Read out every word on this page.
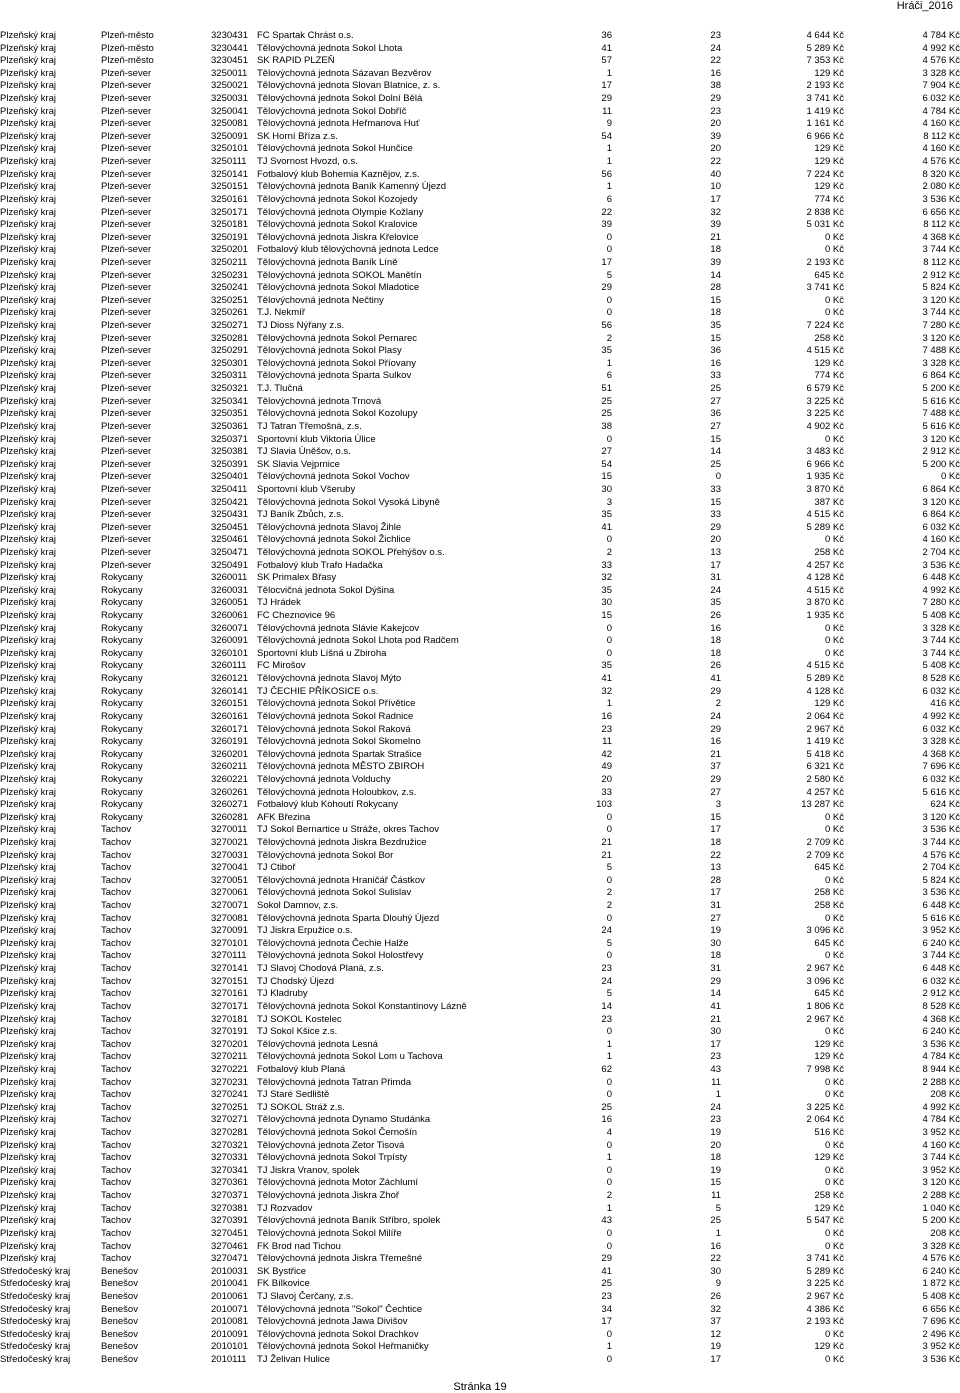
Hráči_2016
Plzeňský kraj	Plzeň-město	3230431 FC Spartak Chrást o.s.	36	23	4 644 Kč	4 784 Kč
Plzeňský kraj	Plzeň-město	3230441 Tělovýchovná jednota Sokol Lhota	41	24	5 289 Kč	4 992 Kč
Plzeňský kraj	Plzeň-město	3230451 SK RAPID PLZEŇ	57	22	7 353 Kč	4 576 Kč
Plzeňský kraj	Plzeň-sever	3250011	Tělovýchovná jednota Sázavan Bezvěrov	1	16	129 Kč	3 328 Kč
Plzeňský kraj	Plzeň-sever	3250021 Tělovýchovná jednota Slovan Blatnice, z. s.	17	38	2 193 Kč	7 904 Kč
Plzeňský kraj	Plzeň-sever	3250031 Tělovýchovná jednota Sokol Dolní Bělá	29	29	3 741 Kč	6 032 Kč
Plzeňský kraj	Plzeň-sever	3250041 Tělovýchovná jednota Sokol Dobříč	11	23	1 419 Kč	4 784 Kč
Plzeňský kraj	Plzeň-sever	3250081 Tělovýchovná jednota Heřmanova Huť	9	20	1 161 Kč	4 160 Kč
Plzeňský kraj	Plzeň-sever	3250091 SK Horní Bříza z.s.	54	39	6 966 Kč	8 112 Kč
Plzeňský kraj	Plzeň-sever	3250101 Tělovýchovná jednota Sokol Hunčice	1	20	129 Kč	4 160 Kč
Plzeňský kraj	Plzeň-sever	3250111	TJ Svornost Hvozd, o.s.	1	22	129 Kč	4 576 Kč
Plzeňský kraj	Plzeň-sever	3250141 Fotbalový klub Bohemia Kaznějov, z.s.	56	40	7 224 Kč	8 320 Kč
Plzeňský kraj	Plzeň-sever	3250151 Tělovýchovná jednota Baník Kamenný Újezd	1	10	129 Kč	2 080 Kč
Plzeňský kraj	Plzeň-sever	3250161 Tělovýchovná jednota Sokol Kozojedy	6	17	774 Kč	3 536 Kč
Plzeňský kraj	Plzeň-sever	3250171 Tělovýchovná jednota Olympie Kožlany	22	32	2 838 Kč	6 656 Kč
Plzeňský kraj	Plzeň-sever	3250181 Tělovýchovná jednota Sokol Kralovice	39	39	5 031 Kč	8 112 Kč
Plzeňský kraj	Plzeň-sever	3250191 Tělovýchovná jednota Jiskra Křelovice	0	21	0 Kč	4 368 Kč
Plzeňský kraj	Plzeň-sever	3250201 Fotbalový klub tělovýchovná jednota Ledce	0	18	0 Kč	3 744 Kč
Plzeňský kraj	Plzeň-sever	3250211	Tělovýchovná jednota Baník Líně	17	39	2 193 Kč	8 112 Kč
Plzeňský kraj	Plzeň-sever	3250231 Tělovýchovná jednota SOKOL Manětín	5	14	645 Kč	2 912 Kč
Plzeňský kraj	Plzeň-sever	3250241 Tělovýchovná jednota Sokol Mladotice	29	28	3 741 Kč	5 824 Kč
Plzeňský kraj	Plzeň-sever	3250251 Tělovýchovná jednota Nečtiny	0	15	0 Kč	3 120 Kč
Plzeňský kraj	Plzeň-sever	3250261 T.J. Nekmíř	0	18	0 Kč	3 744 Kč
Plzeňský kraj	Plzeň-sever	3250271 TJ Dioss Nýřany z.s.	56	35	7 224 Kč	7 280 Kč
Plzeňský kraj	Plzeň-sever	3250281 Tělovýchovná jednota Sokol Pernarec	2	15	258 Kč	3 120 Kč
Plzeňský kraj	Plzeň-sever	3250291 Tělovýchovná jednota Sokol Plasy	35	36	4 515 Kč	7 488 Kč
Plzeňský kraj	Plzeň-sever	3250301 Tělovýchovná jednota Sokol Příovany	1	16	129 Kč	3 328 Kč
Plzeňský kraj	Plzeň-sever	3250311	Tělovýchovná jednota Sparta Sulkov	6	33	774 Kč	6 864 Kč
Plzeňský kraj	Plzeň-sever	3250321 T.J. Tlučná	51	25	6 579 Kč	5 200 Kč
Plzeňský kraj	Plzeň-sever	3250341 Tělovýchovná jednota Trnová	25	27	3 225 Kč	5 616 Kč
Plzeňský kraj	Plzeň-sever	3250351 Tělovýchovná jednota Sokol Kozolupy	25	36	3 225 Kč	7 488 Kč
Plzeňský kraj	Plzeň-sever	3250361 TJ Tatran Třemošná, z.s.	38	27	4 902 Kč	5 616 Kč
Plzeňský kraj	Plzeň-sever	3250371 Sportovní klub Viktoria Úlice	0	15	0 Kč	3 120 Kč
Plzeňský kraj	Plzeň-sever	3250381 TJ Slavia Úněšov, o.s.	27	14	3 483 Kč	2 912 Kč
Plzeňský kraj	Plzeň-sever	3250391 SK Slavia Vejprnice	54	25	6 966 Kč	5 200 Kč
Plzeňský kraj	Plzeň-sever	3250401 Tělovýchovná jednota Sokol Vochov	15	0	1 935 Kč	0 Kč
Plzeňský kraj	Plzeň-sever	3250411	Sportovní klub Všeruby	30	33	3 870 Kč	6 864 Kč
Plzeňský kraj	Plzeň-sever	3250421 Tělovýchovná jednota Sokol Vysoká Libyně	3	15	387 Kč	3 120 Kč
Plzeňský kraj	Plzeň-sever	3250431 TJ Baník Zbůch, z.s.	35	33	4 515 Kč	6 864 Kč
Plzeňský kraj	Plzeň-sever	3250451 Tělovýchovná jednota Slavoj Žihle	41	29	5 289 Kč	6 032 Kč
Plzeňský kraj	Plzeň-sever	3250461 Tělovýchovná jednota Sokol Žichlice	0	20	0 Kč	4 160 Kč
Plzeňský kraj	Plzeň-sever	3250471 Tělovýchovná jednota SOKOL Přehýšov o.s.	2	13	258 Kč	2 704 Kč
Plzeňský kraj	Plzeň-sever	3250491 Fotbalový klub Trafo Hadačka	33	17	4 257 Kč	3 536 Kč
Plzeňský kraj	Rokycany	3260011	SK Primalex Břasy	32	31	4 128 Kč	6 448 Kč
Plzeňský kraj	Rokycany	3260031 Tělocvičná jednota Sokol Dýšina	35	24	4 515 Kč	4 992 Kč
Plzeňský kraj	Rokycany	3260051 TJ Hrádek	30	35	3 870 Kč	7 280 Kč
Plzeňský kraj	Rokycany	3260061 FC Cheznovice 96	15	26	1 935 Kč	5 408 Kč
Plzeňský kraj	Rokycany	3260071 Tělovýchovná jednota Slávie Kakejcov	0	16	0 Kč	3 328 Kč
Plzeňský kraj	Rokycany	3260091 Tělovýchovná jednota Sokol Lhota pod Radčem	0	18	0 Kč	3 744 Kč
Plzeňský kraj	Rokycany	3260101 Sportovní klub Líšná u Zbiroha	0	18	0 Kč	3 744 Kč
Plzeňský kraj	Rokycany	3260111	FC Mirošov	35	26	4 515 Kč	5 408 Kč
Plzeňský kraj	Rokycany	3260121 Tělovýchovná jednota Slavoj Mýto	41	41	5 289 Kč	8 528 Kč
Plzeňský kraj	Rokycany	3260141 TJ ČECHIE PŘÍKOSICE o.s.	32	29	4 128 Kč	6 032 Kč
Plzeňský kraj	Rokycany	3260151 Tělovýchovná jednota Sokol Přívětice	1	2	129 Kč	416 Kč
Plzeňský kraj	Rokycany	3260161 Tělovýchovná jednota Sokol Radnice	16	24	2 064 Kč	4 992 Kč
Plzeňský kraj	Rokycany	3260171 Tělovýchovná jednota Sokol Raková	23	29	2 967 Kč	6 032 Kč
Plzeňský kraj	Rokycany	3260191 Tělovýchovná jednota Sokol Skomelno	11	16	1 419 Kč	3 328 Kč
Plzeňský kraj	Rokycany	3260201 Tělovýchovná jednota Spartak Strašice	42	21	5 418 Kč	4 368 Kč
Plzeňský kraj	Rokycany	3260211	Tělovýchovná jednota MĚSTO ZBIROH	49	37	6 321 Kč	7 696 Kč
Plzeňský kraj	Rokycany	3260221 Tělovýchovná jednota Volduchy	20	29	2 580 Kč	6 032 Kč
Plzeňský kraj	Rokycany	3260261 Tělovýchovná jednota Holoubkov, z.s.	33	27	4 257 Kč	5 616 Kč
Plzeňský kraj	Rokycany	3260271 Fotbalový klub Kohoutí Rokycany	103	3	13 287 Kč	624 Kč
Plzeňský kraj	Rokycany	3260281 AFK Březina	0	15	0 Kč	3 120 Kč
Plzeňský kraj	Tachov	3270011	TJ Sokol Bernartice u Stráže, okres Tachov	0	17	0 Kč	3 536 Kč
Plzeňský kraj	Tachov	3270021 Tělovýchovná jednota Jiskra Bezdružice	21	18	2 709 Kč	3 744 Kč
Plzeňský kraj	Tachov	3270031 Tělovýchovná jednota Sokol Bor	21	22	2 709 Kč	4 576 Kč
Plzeňský kraj	Tachov	3270041 TJ Ctiboř	5	13	645 Kč	2 704 Kč
Plzeňský kraj	Tachov	3270051 Tělovýchovná jednota Hraničář Částkov	0	28	0 Kč	5 824 Kč
Plzeňský kraj	Tachov	3270061 Tělovýchovná jednota Sokol Sulislav	2	17	258 Kč	3 536 Kč
Plzeňský kraj	Tachov	3270071 Sokol Damnov, z.s.	2	31	258 Kč	6 448 Kč
Plzeňský kraj	Tachov	3270081 Tělovýchovná jednota Sparta Dlouhý Újezd	0	27	0 Kč	5 616 Kč
Plzeňský kraj	Tachov	3270091 TJ Jiskra Erpužice o.s.	24	19	3 096 Kč	3 952 Kč
Plzeňský kraj	Tachov	3270101 Tělovýchovná jednota Čechie Halže	5	30	645 Kč	6 240 Kč
Plzeňský kraj	Tachov	3270111	Tělovýchovná jednota Sokol Holostřevy	0	18	0 Kč	3 744 Kč
Plzeňský kraj	Tachov	3270141 TJ Slavoj Chodová Planá, z.s.	23	31	2 967 Kč	6 448 Kč
Plzeňský kraj	Tachov	3270151 TJ Chodský Újezd	24	29	3 096 Kč	6 032 Kč
Plzeňský kraj	Tachov	3270161 TJ Kladruby	5	14	645 Kč	2 912 Kč
Plzeňský kraj	Tachov	3270171 Tělovýchovná jednota Sokol Konstantinovy Lázně	14	41	1 806 Kč	8 528 Kč
Plzeňský kraj	Tachov	3270181 TJ SOKOL Kostelec	23	21	2 967 Kč	4 368 Kč
Plzeňský kraj	Tachov	3270191 TJ Sokol Kšice z.s.	0	30	0 Kč	6 240 Kč
Plzeňský kraj	Tachov	3270201 Tělovýchovná jednota Lesná	1	17	129 Kč	3 536 Kč
Plzeňský kraj	Tachov	3270211	Tělovýchovná jednota Sokol Lom u Tachova	1	23	129 Kč	4 784 Kč
Plzeňský kraj	Tachov	3270221 Fotbalový klub Planá	62	43	7 998 Kč	8 944 Kč
Plzeňský kraj	Tachov	3270231 Tělovýchovná jednota Tatran Přimda	0	11	0 Kč	2 288 Kč
Plzeňský kraj	Tachov	3270241 TJ Staré Sedliště	0	1	0 Kč	208 Kč
Plzeňský kraj	Tachov	3270251 TJ SOKOL Stráž z.s.	25	24	3 225 Kč	4 992 Kč
Plzeňský kraj	Tachov	3270271 Tělovýchovná jednota Dynamo Studánka	16	23	2 064 Kč	4 784 Kč
Plzeňský kraj	Tachov	3270281 Tělovýchovná jednota Sokol Černošín	4	19	516 Kč	3 952 Kč
Plzeňský kraj	Tachov	3270321 Tělovýchovná jednota Zetor Tisová	0	20	0 Kč	4 160 Kč
Plzeňský kraj	Tachov	3270331 Tělovýchovná jednota Sokol Trpísty	1	18	129 Kč	3 744 Kč
Plzeňský kraj	Tachov	3270341 TJ Jiskra Vranov, spolek	0	19	0 Kč	3 952 Kč
Plzeňský kraj	Tachov	3270361 Tělovýchovná jednota Motor Záchlumí	0	15	0 Kč	3 120 Kč
Plzeňský kraj	Tachov	3270371 Tělovýchovná jednota Jiskra Zhoř	2	11	258 Kč	2 288 Kč
Plzeňský kraj	Tachov	3270381 TJ Rozvadov	1	5	129 Kč	1 040 Kč
Plzeňský kraj	Tachov	3270391 Tělovýchovná jednota Baník Stříbro, spolek	43	25	5 547 Kč	5 200 Kč
Plzeňský kraj	Tachov	3270451 Tělovýchovná jednota Sokol Milíře	0	1	0 Kč	208 Kč
Plzeňský kraj	Tachov	3270461 FK Brod nad Tichou	0	16	0 Kč	3 328 Kč
Plzeňský kraj	Tachov	3270471 Tělovýchovná jednota Jiskra Třemešné	29	22	3 741 Kč	4 576 Kč
Středočeský kraj	Benešov	2010031 SK Bystřice	41	30	5 289 Kč	6 240 Kč
Středočeský kraj	Benešov	2010041 FK Bílkovice	25	9	3 225 Kč	1 872 Kč
Středočeský kraj	Benešov	2010061 TJ Slavoj Čerčany, z.s.	23	26	2 967 Kč	5 408 Kč
Středočeský kraj	Benešov	2010071 Tělovýchovná jednota "Sokol" Čechtice	34	32	4 386 Kč	6 656 Kč
Středočeský kraj	Benešov	2010081 Tělovýchovná jednota Jawa Divišov	17	37	2 193 Kč	7 696 Kč
Středočeský kraj	Benešov	2010091 Tělovýchovná jednota Sokol Drachkov	0	12	0 Kč	2 496 Kč
Středočeský kraj	Benešov	2010101 Tělovýchovná jednota Sokol Heřmaničky	1	19	129 Kč	3 952 Kč
Středočeský kraj	Benešov	2010111	TJ Želivan Hulice	0	17	0 Kč	3 536 Kč
Stránka 19
